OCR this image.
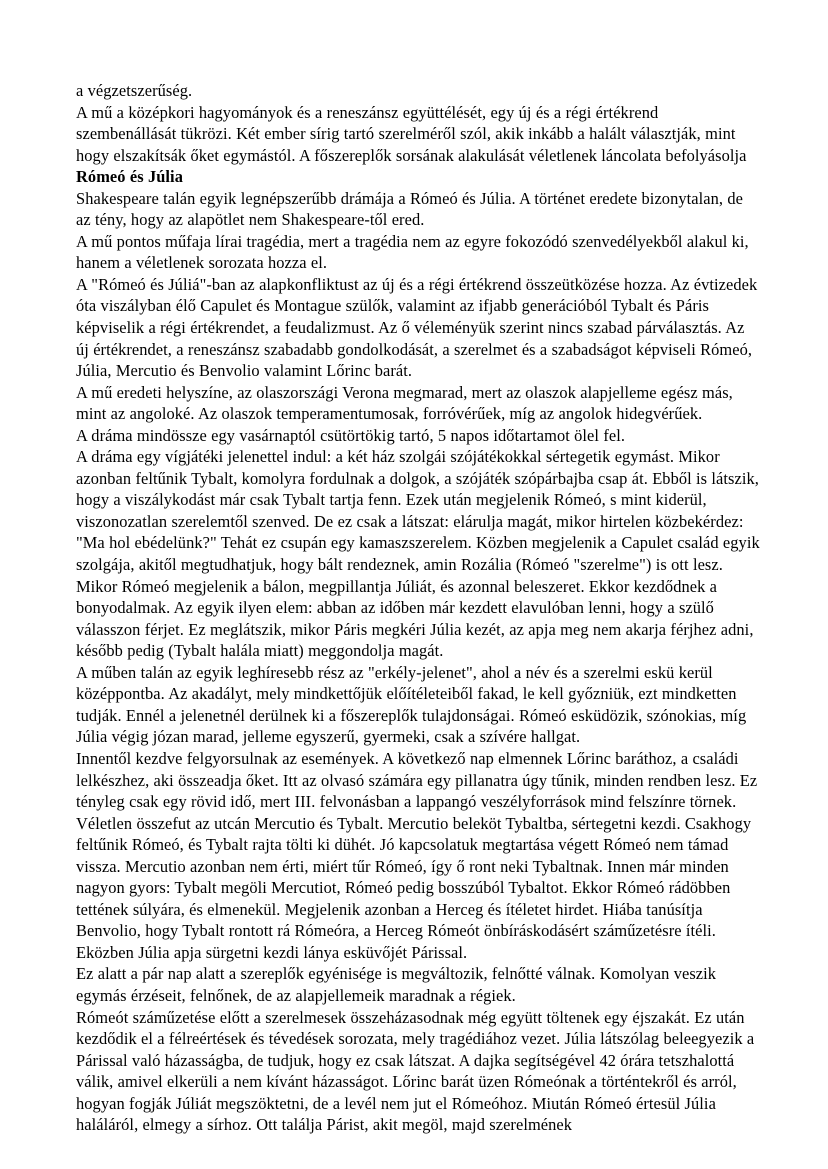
a végzetszerűség.

A mű a középkori hagyományok és a reneszánsz együttélését, egy új és a régi értékrend szembenállását tükrözi. Két ember sírig tartó szerelméről szól, akik inkább a halált választják, mint hogy elszakítsák őket egymástól. A főszereplők sorsának alakulását véletlenek láncolata befolyásolja

Rómeó és Júlia

Shakespeare talán egyik legnépszerűbb drámája a Rómeó és Júlia. A történet eredete bizonytalan, de az tény, hogy az alapötlet nem Shakespeare-től ered.

A mű pontos műfaja lírai tragédia, mert a tragédia nem az egyre fokozódó szenvedélyekből alakul ki, hanem a véletlenek sorozata hozza el.

A "Rómeó és Júliá"-ban az alapkonfliktust az új és a régi értékrend összeütközése hozza. Az évtizedek óta viszályban élő Capulet és Montague szülők, valamint az ifjabb generációból Tybalt és Páris képviselik a régi értékrendet, a feudalizmust. Az ő véleményük szerint nincs szabad párválasztás. Az új értékrendet, a reneszánsz szabadabb gondolkodását, a szerelmet és a szabadságot képviseli Rómeó, Júlia, Mercutio és Benvolio valamint Lőrinc barát.

A mű eredeti helyszíne, az olaszországi Verona megmarad, mert az olaszok alapjelleme egész más, mint az angoloké. Az olaszok temperamentumosak, forróvérűek, míg az angolok hidegvérűek.

A dráma mindössze egy vasárnaptól csütörtökig tartó, 5 napos időtartamot ölel fel.

A dráma egy vígjátéki jelenettel indul: a két ház szolgái szójátékokkal sértegetik egymást. Mikor azonban feltűnik Tybalt, komolyra fordulnak a dolgok, a szójáték szópárbajba csap át. Ebből is látszik, hogy a viszálykodást már csak Tybalt tartja fenn. Ezek után megjelenik Rómeó, s mint kiderül, viszonozatlan szerelemtől szenved. De ez csak a látszat: elárulja magát, mikor hirtelen közbekérdez: "Ma hol ebédelünk?" Tehát ez csupán egy kamaszszerelem. Közben megjelenik a Capulet család egyik szolgája, akitől megtudhatjuk, hogy bált rendeznek, amin Rozália (Rómeó "szerelme") is ott lesz.

Mikor Rómeó megjelenik a bálon, megpillantja Júliát, és azonnal beleszeret. Ekkor kezdődnek a bonyodalmak. Az egyik ilyen elem: abban az időben már kezdett elavulóban lenni, hogy a szülő válasszon férjet. Ez meglátszik, mikor Páris megkéri Júlia kezét, az apja meg nem akarja férjhez adni, később pedig (Tybalt halála miatt) meggondolja magát.

A műben talán az egyik leghíresebb rész az "erkély-jelenet", ahol a név és a szerelmi eskü kerül középpontba. Az akadályt, mely mindkettőjük előítéleteiből fakad, le kell győzniük, ezt mindketten tudják. Ennél a jelenetnél derülnek ki a főszereplők tulajdonságai. Rómeó esküdözik, szónokias, míg Júlia végig józan marad, jelleme egyszerű, gyermeki, csak a szívére hallgat.

Innentől kezdve felgyorsulnak az események. A következő nap elmennek Lőrinc baráthoz, a családi lelkészhez, aki összeadja őket. Itt az olvasó számára egy pillanatra úgy tűnik, minden rendben lesz. Ez tényleg csak egy rövid idő, mert III. felvonásban a lappangó veszélyforrások mind felszínre törnek. Véletlen összefut az utcán Mercutio és Tybalt. Mercutio beleköt Tybaltba, sértegetni kezdi. Csakhogy feltűnik Rómeó, és Tybalt rajta tölti ki dühét. Jó kapcsolatuk megtartása végett Rómeó nem támad vissza. Mercutio azonban nem érti, miért tűr Rómeó, így ő ront neki Tybaltnak. Innen már minden nagyon gyors: Tybalt megöli Mercutiot, Rómeó pedig bosszúból Tybaltot. Ekkor Rómeó rádöbben tettének súlyára, és elmenekül. Megjelenik azonban a Herceg és ítéletet hirdet. Hiába tanúsítja Benvolio, hogy Tybalt rontott rá Rómeóra, a Herceg Rómeót önbíráskodásért száműzetésre ítéli.

Eközben Júlia apja sürgetni kezdi lánya esküvőjét Párissal.

Ez alatt a pár nap alatt a szereplők egyénisége is megváltozik, felnőtté válnak. Komolyan veszik egymás érzéseit, felnőnek, de az alapjellemeik maradnak a régiek.

Rómeót száműzetése előtt a szerelmesek összeházasodnak még együtt töltenek egy éjszakát. Ez után kezdődik el a félreértések és tévedések sorozata, mely tragédiához vezet. Júlia látszólag beleegyezik a Párissal való házasságba, de tudjuk, hogy ez csak látszat. A dajka segítségével 42 órára tetszhalottá válik, amivel elkerüli a nem kívánt házasságot. Lőrinc barát üzen Rómeónak a történtekről és arról, hogyan fogják Júliát megszöktetni, de a levél nem jut el Rómeóhoz. Miután Rómeó értesül Júlia haláláról, elmegy a sírhoz. Ott találja Párist, akit megöl, majd szerelmének
